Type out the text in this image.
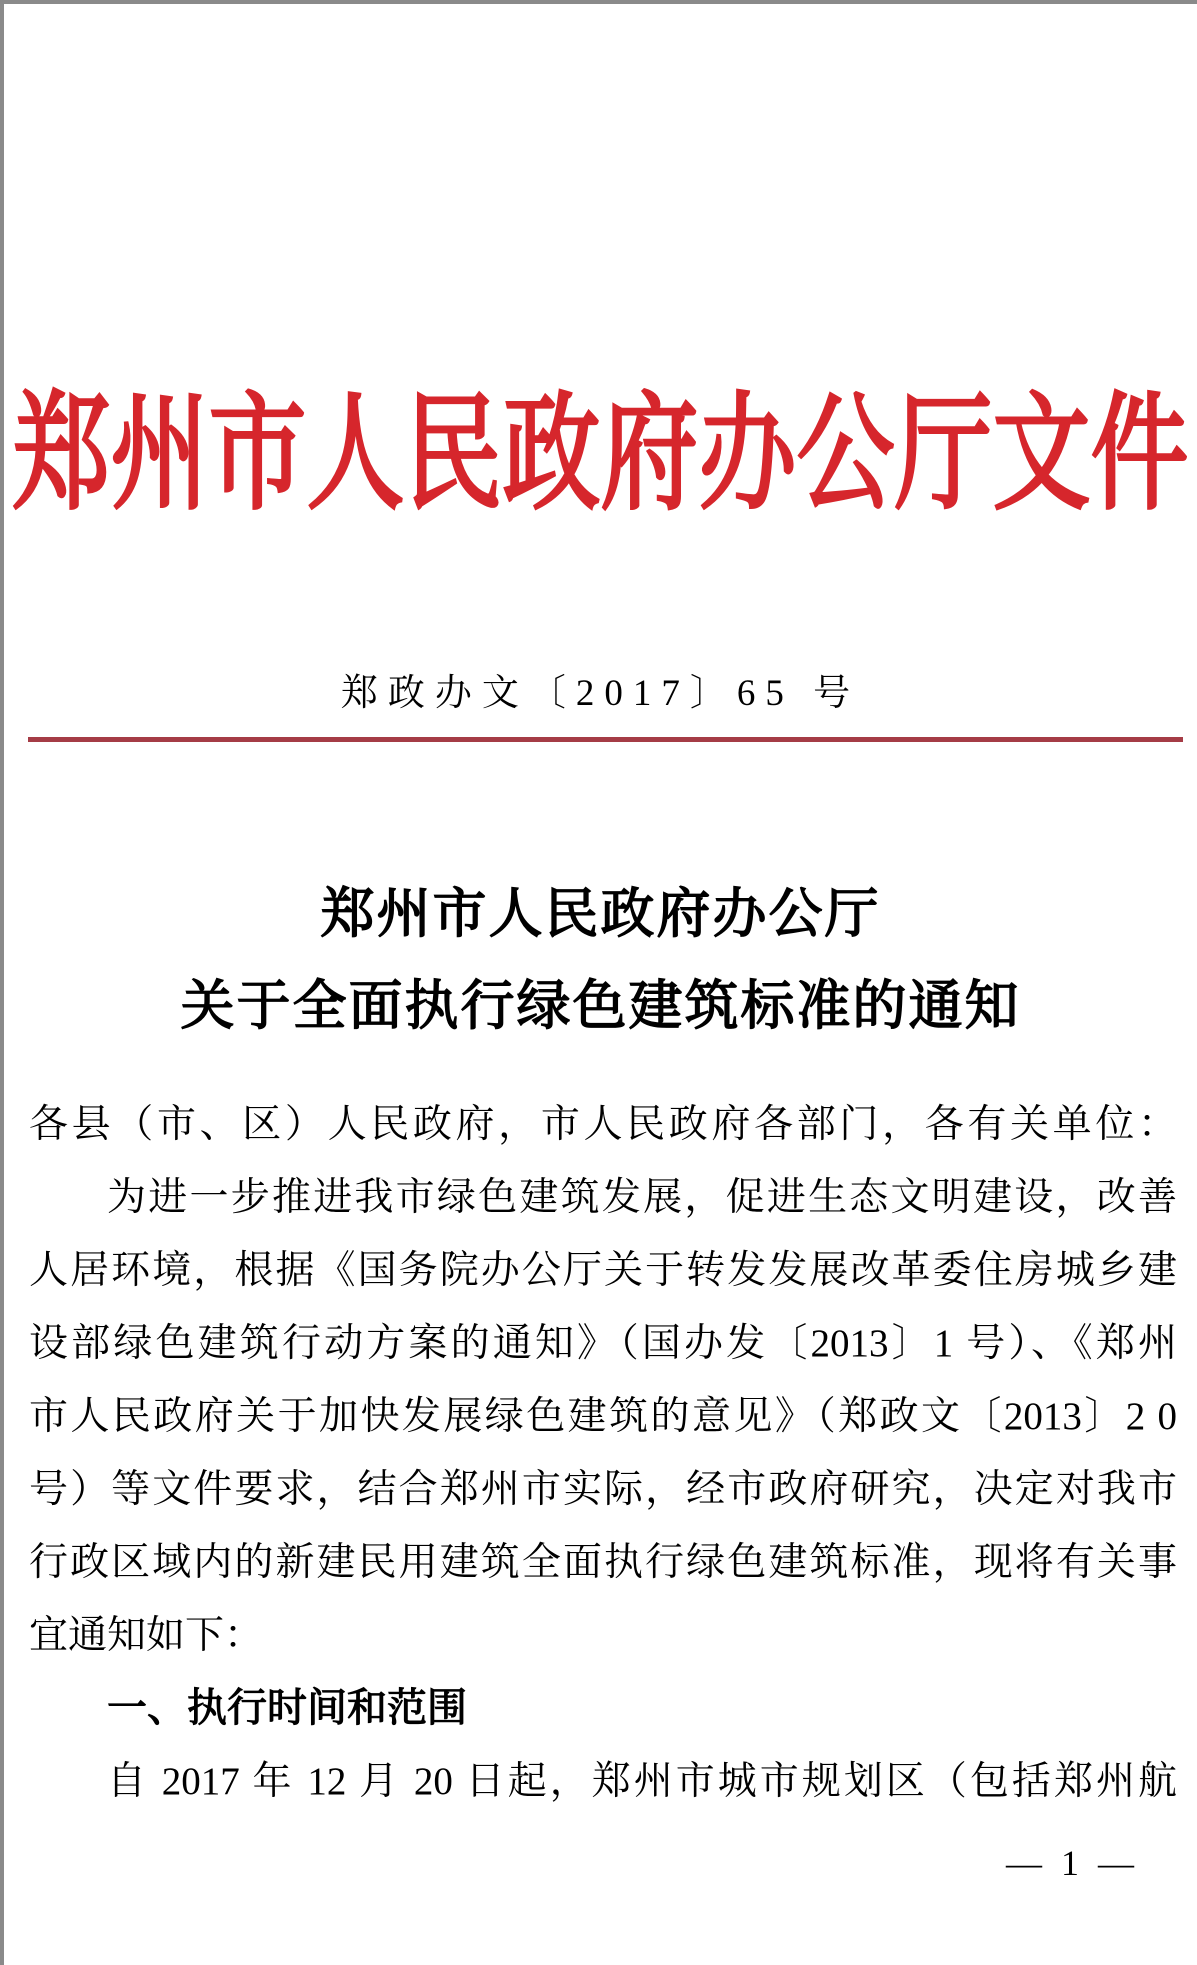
郑州市人民政府办公厅文件
郑政办文〔2017〕65 号
郑州市人民政府办公厅
关于全面执行绿色建筑标准的通知
各县（市、区）人民政府，市人民政府各部门，各有关单位：
为进一步推进我市绿色建筑发展，促进生态文明建设，改善
人居环境，根据《国务院办公厅关于转发发展改革委住房城乡建
设部绿色建筑行动方案的通知》（国办发〔2013〕1 号）、《郑州
市人民政府关于加快发展绿色建筑的意见》（郑政文〔2013〕2 0
号）等文件要求，结合郑州市实际，经市政府研究，决定对我市
行政区域内的新建民用建筑全面执行绿色建筑标准，现将有关事
宜通知如下：
一、执行时间和范围
自 2017 年 12 月 20 日起，郑州市城市规划区（包括郑州航
— 1 —
